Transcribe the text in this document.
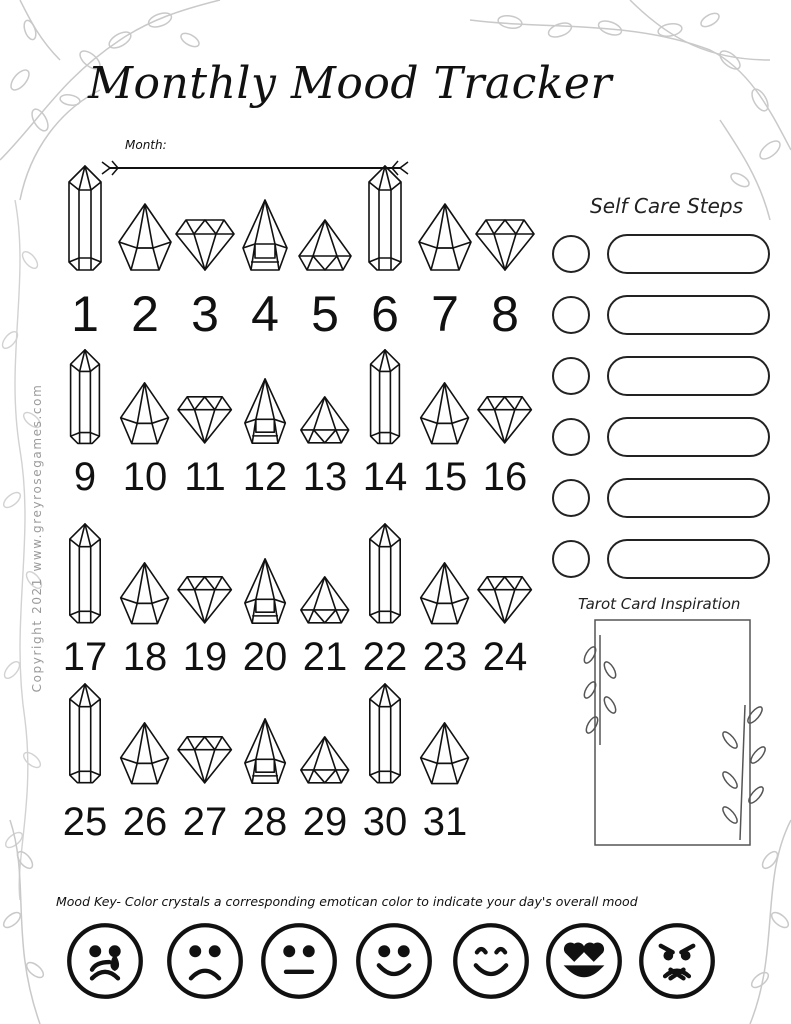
Monthly Mood Tracker
Month:
1 2 3 4 5 6 7 8
9 10 11 12 13 14 15 16
17 18 19 20 21 22 23 24
25 26 27 28 29 30 31
Self Care Steps
Tarot Card Inspiration
Copyright 2021 www.greyrosegames.com
Mood Key- Color crystals a corresponding emotican color to indicate your day's overall mood
